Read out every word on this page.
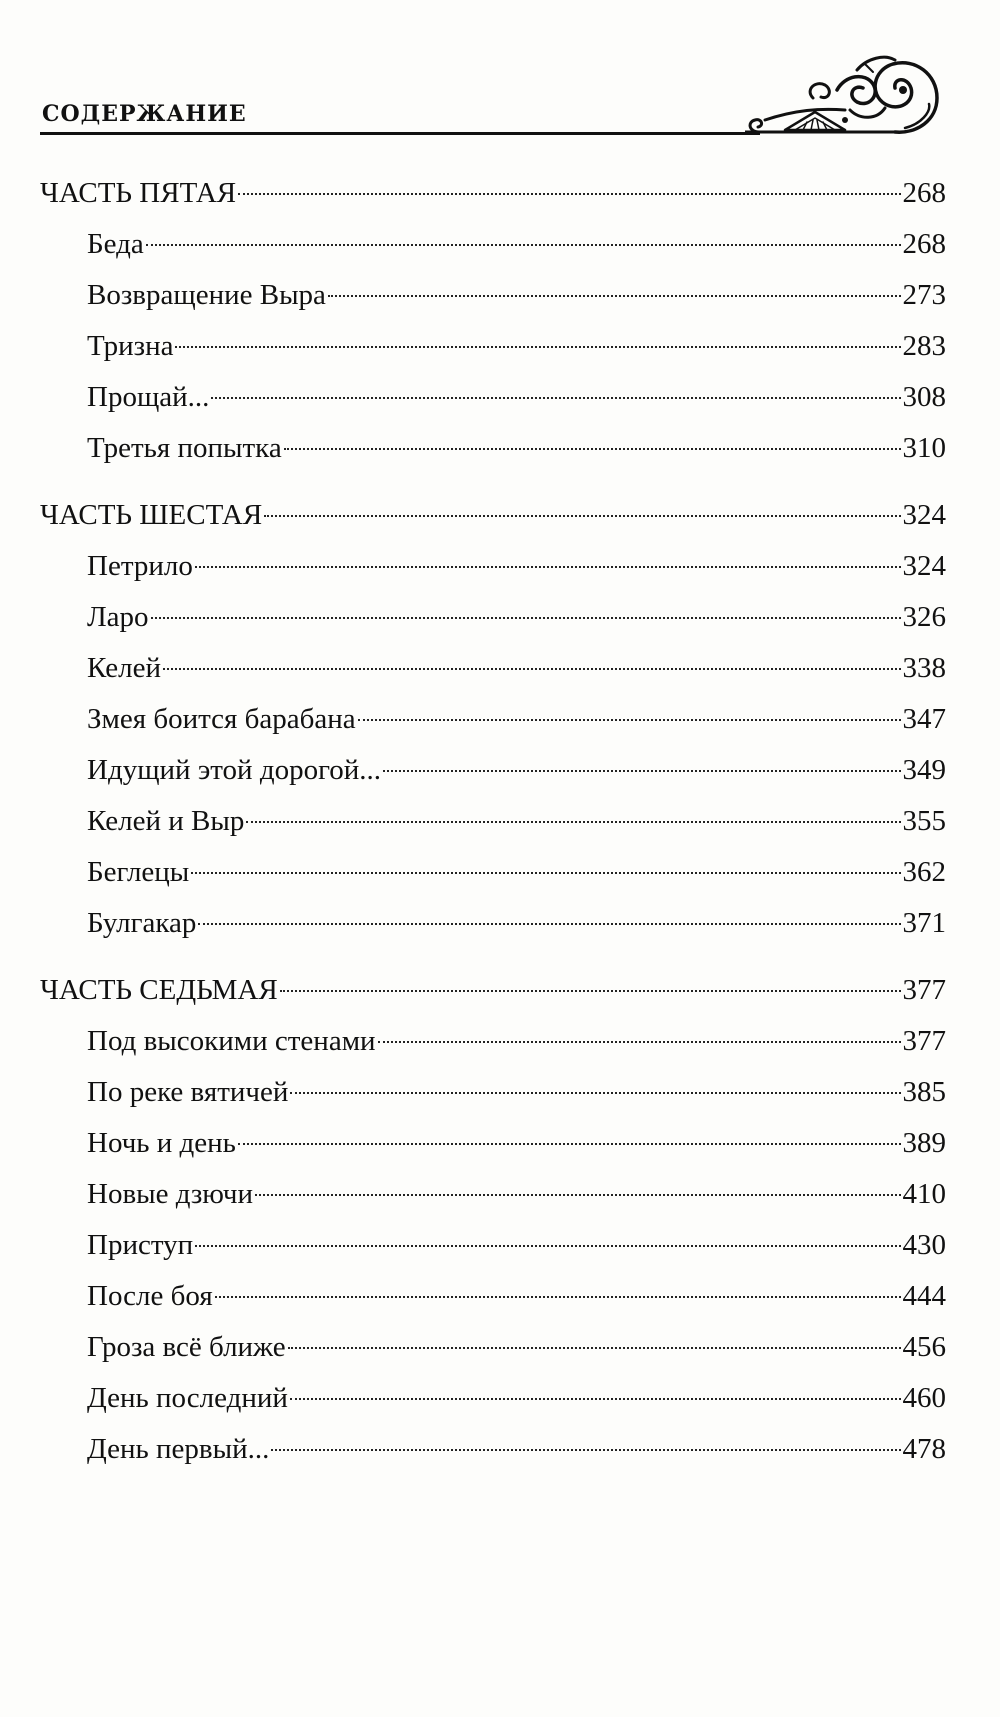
содержание
ЧАСТЬ ПЯТАЯ	268
Беда	268
Возвращение Выра	273
Тризна	283
Прощай...	308
Третья попытка	310
ЧАСТЬ ШЕСТАЯ	324
Петрило	324
Ларо	326
Келей	338
Змея боится барабана	347
Идущий этой дорогой...	349
Келей и Выр	355
Беглецы	362
Булгакар	371
ЧАСТЬ СЕДЬМАЯ	377
Под высокими стенами	377
По реке вятичей	385
Ночь и день	389
Новые дзючи	410
Приступ	430
После боя	444
Гроза всё ближе	456
День последний	460
День первый...	478
